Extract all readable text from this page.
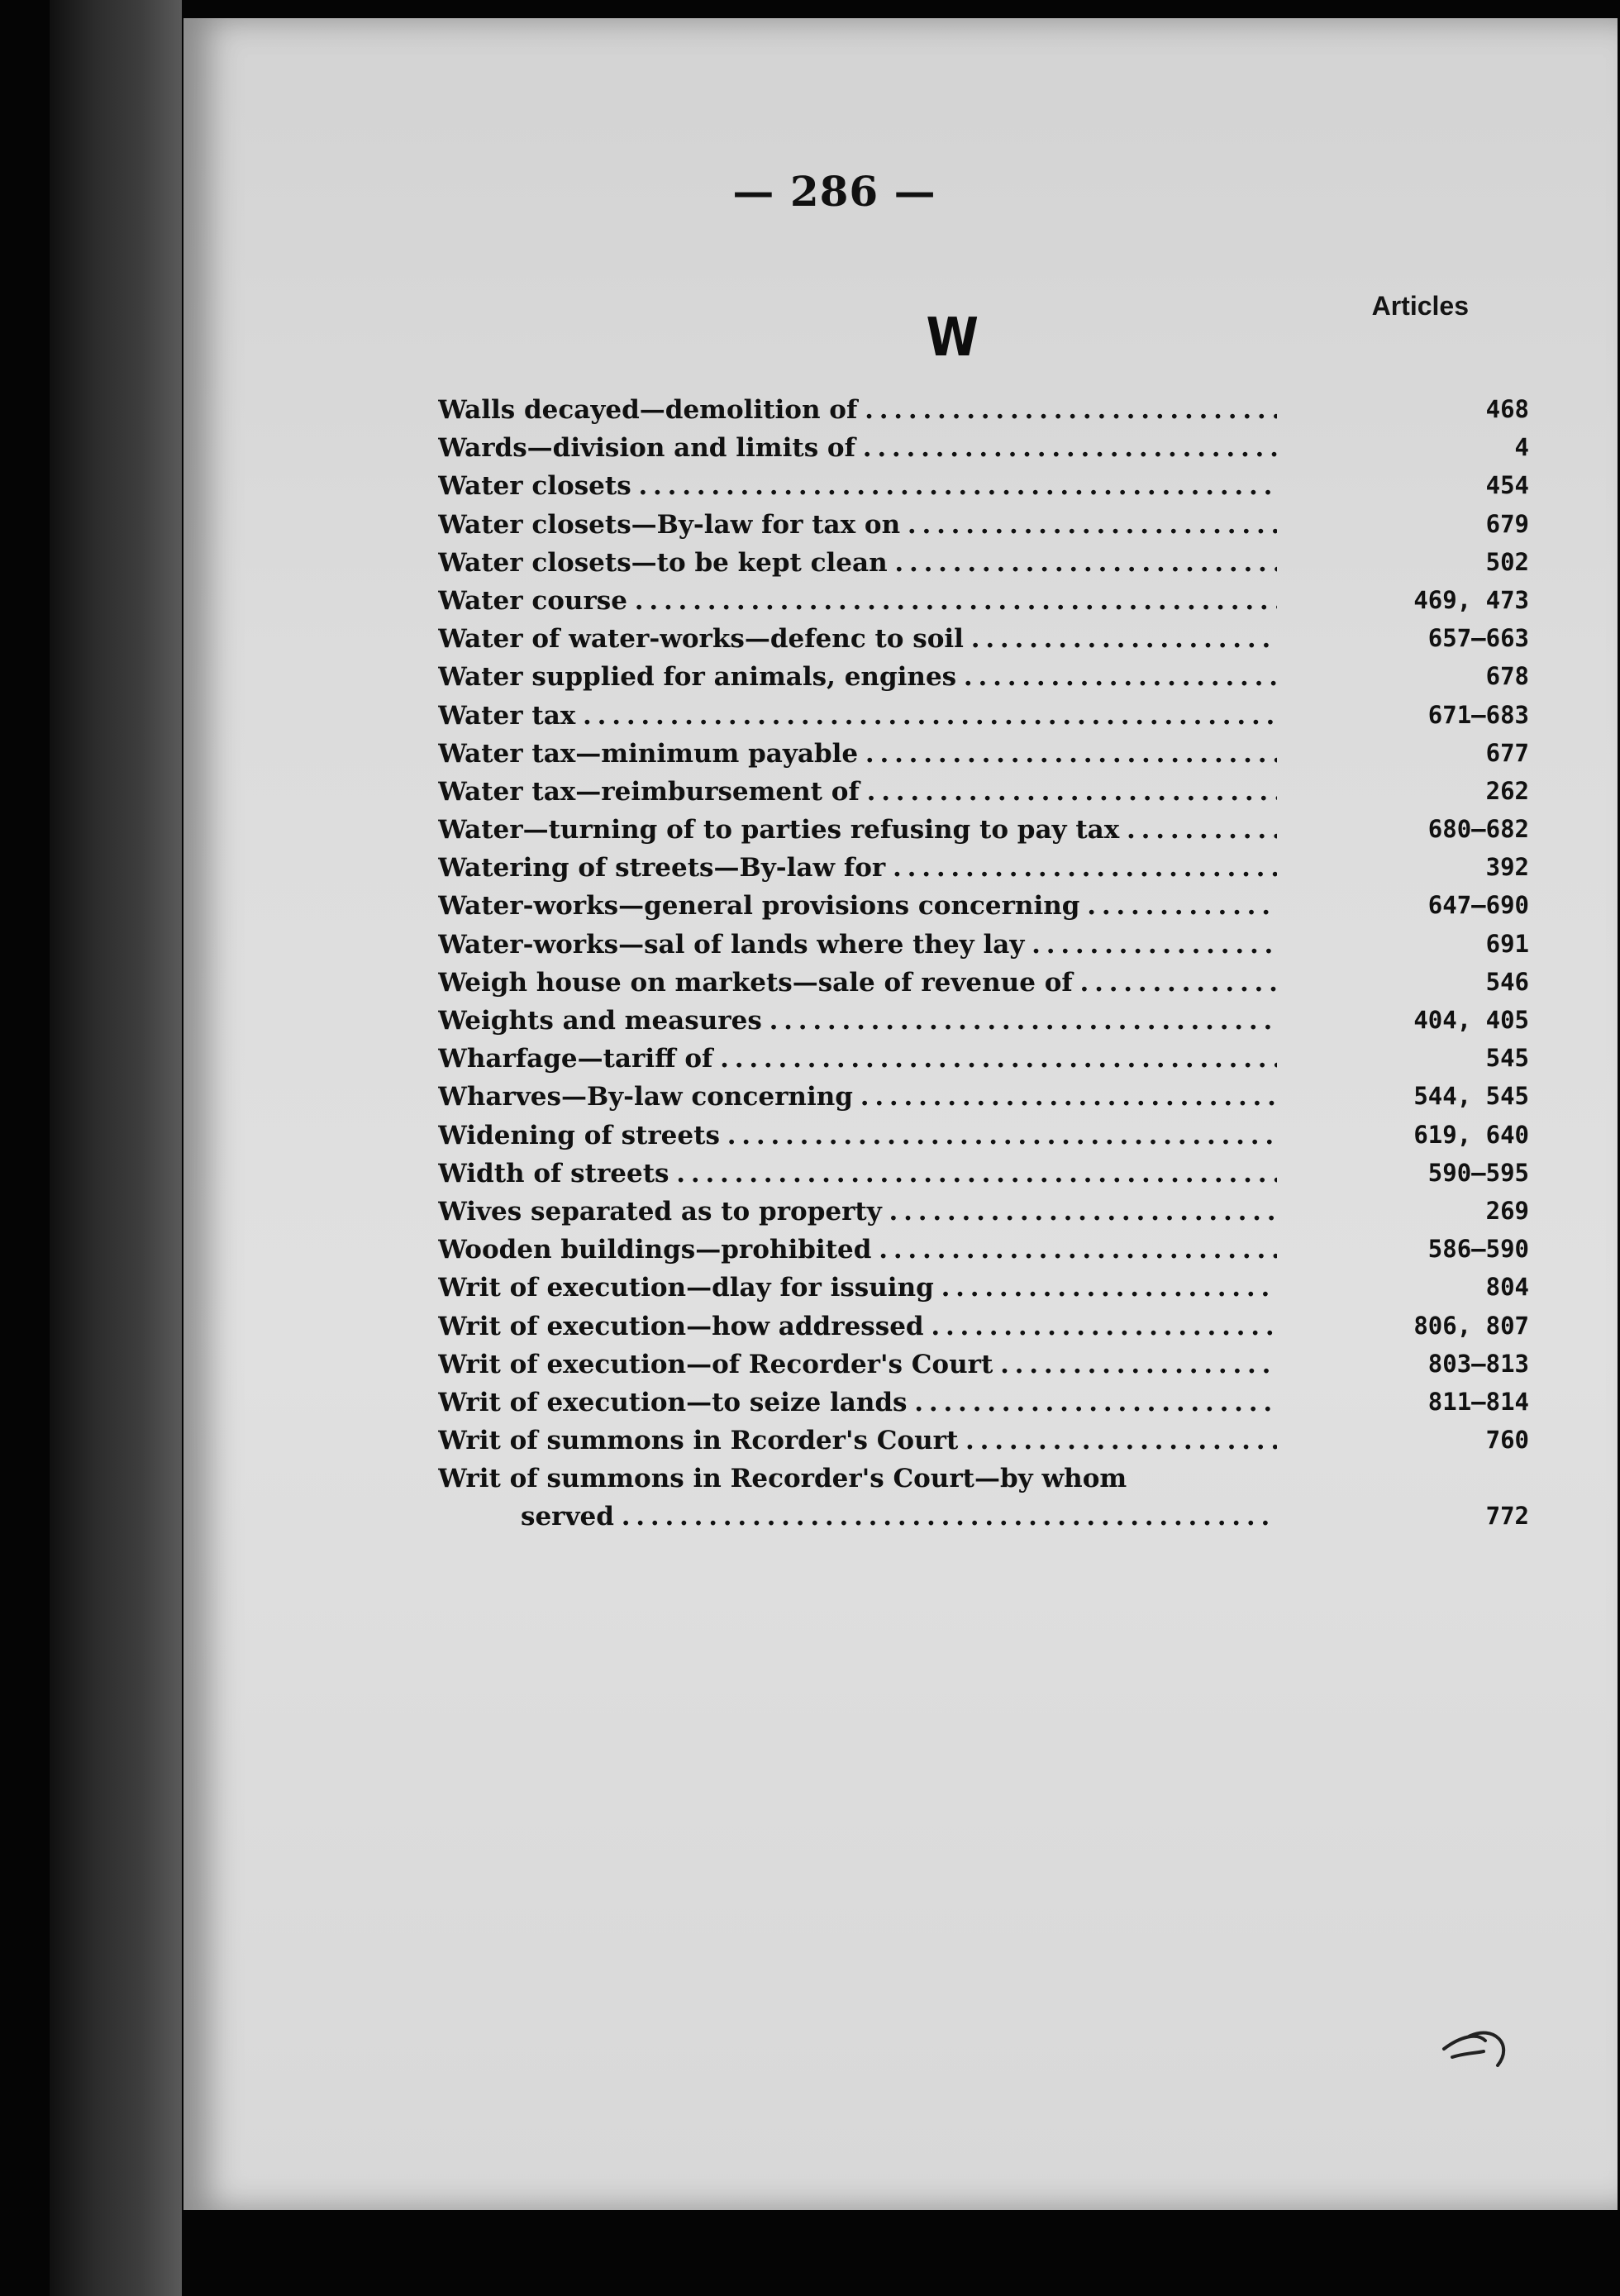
— 286 —
Articles
W
Walls decayed—demolition of . . .	468
Wards—division and limits of . . .	4
Water closets . . .	454
Water closets—By-law for tax on . . .	679
Water closets—to be kept clean . . .	502
Water course . . .	469, 473
Water of water-works—defenc to soil . . .	657–663
Water supplied for animals, engines . . .	678
Water tax . . .	671–683
Water tax—minimum payable . . .	677
Water tax—reimbursement of . . .	262
Water—turning of to parties refusing to pay tax . . .	680–682
Watering of streets—By-law for . . .	392
Water-works—general provisions concerning . . .	647–690
Water-works—sal of lands where they lay . . .	691
Weigh house on markets—sale of revenue of . . .	546
Weights and measures . . .	404, 405
Wharfage—tariff of . . .	545
Wharves—By-law concerning . . .	544, 545
Widening of streets . . .	619, 640
Width of streets . . .	590–595
Wives separated as to property . . .	269
Wooden buildings—prohibited . . .	586–590
Writ of execution—dlay for issuing . . .	804
Writ of execution—how addressed . . .	806, 807
Writ of execution—of Recorder's Court . . .	803–813
Writ of execution—to seize lands . . .	811–814
Writ of summons in Rcorder's Court . . .	760
Writ of summons in Recorder's Court—by whom
served . . .	772
